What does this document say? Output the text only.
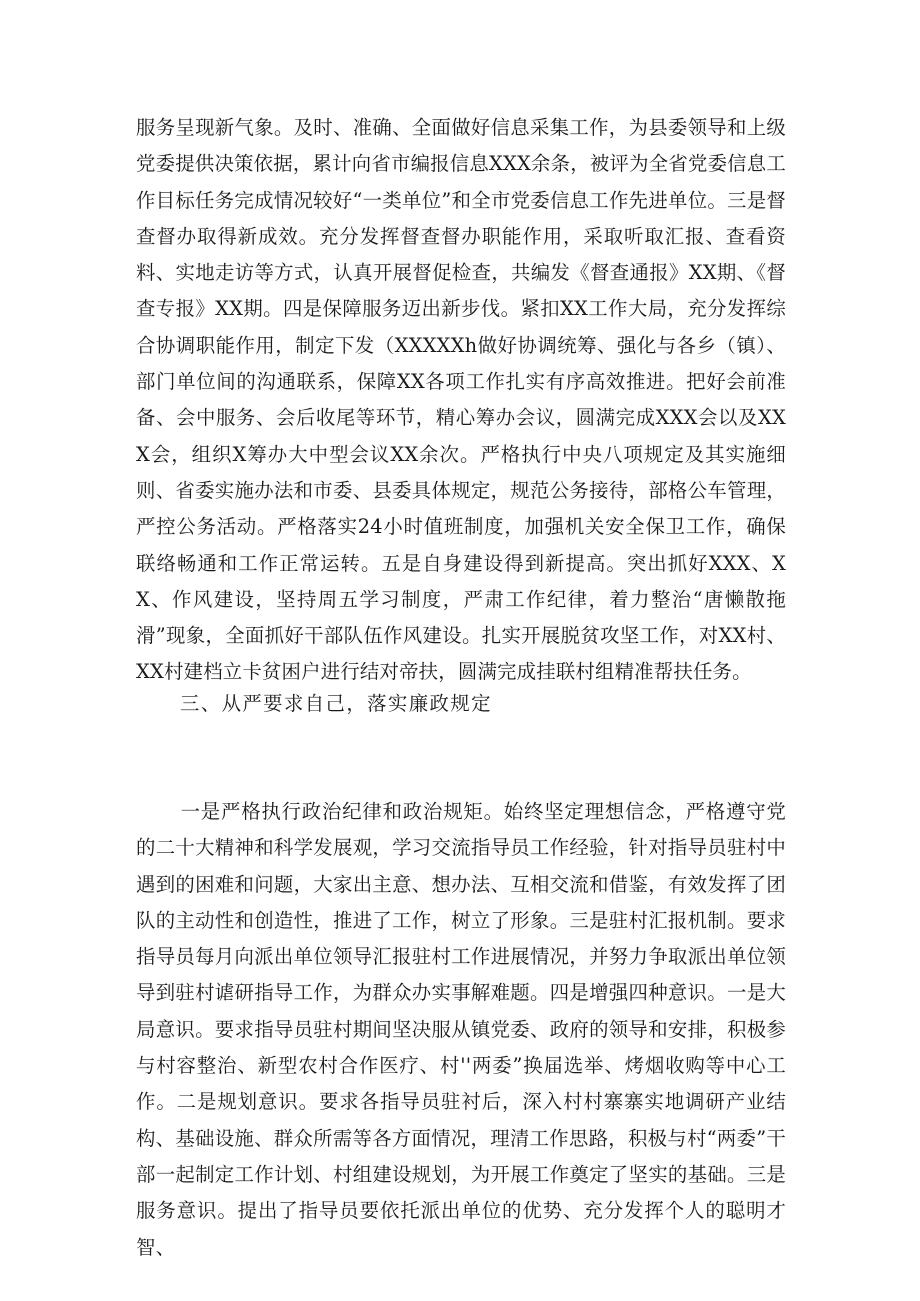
服务呈现新气象。及时、准确、全面做好信息采集工作，为县委领导和上级党委提供决策依据，累计向省市编报信息XXX余条，被评为全省党委信息工作目标任务完成情况较好“一类单位”和全市党委信息工作先进单位。三是督查督办取得新成效。充分发挥督查督办职能作用，采取听取汇报、查看资料、实地走访等方式，认真开展督促检查，共编发《督查通报》XX期、《督查专报》XX期。四是保障服务迈出新步伐。紧扣XX工作大局，充分发挥综合协调职能作用，制定下发（XXXXXh做好协调统筹、强化与各乡（镇）、部门单位间的沟通联系，保障XX各项工作扎实有序高效推进。把好会前准备、会中服务、会后收尾等环节，精心筹办会议，圆满完成XXX会以及XXX会，组织X筹办大中型会议XX余次。严格执行中央八项规定及其实施细则、省委实施办法和市委、县委具体规定，规范公务接待，部格公车管理，严控公务活动。严格落实24小时值班制度，加强机关安全保卫工作，确保联络畅通和工作正常运转。五是自身建设得到新提高。突出抓好XXX、XX、作风建设，坚持周五学习制度，严肃工作纪律，着力整治“唐懒散拖滑”现象，全面抓好干部队伍作风建设。扎实开展脱贫攻坚工作，对XX村、XX村建档立卡贫困户进行结对帝扶，圆满完成挂联村组精准帮扶任务。

三、从严要求自己，落实廉政规定

一是严格执行政治纪律和政治规矩。始终坚定理想信念，严格遵守党的二十大精神和科学发展观，学习交流指导员工作经验，针对指导员驻村中遇到的困难和问题，大家出主意、想办法、互相交流和借鉴，有效发挥了团队的主动性和创造性，推进了工作，树立了形象。三是驻村汇报机制。要求指导员每月向派出单位领导汇报驻村工作进展情况，并努力争取派出单位领导到驻村谑研指导工作，为群众办实事解难题。四是增强四种意识。一是大局意识。要求指导员驻村期间坚决服从镇党委、政府的领导和安排，积极参与村容整治、新型农村合作医疗、村''两委”换届选举、烤烟收购等中心工作。二是规划意识。要求各指导员驻衬后，深入村村寨寨实地调研产业结构、基础设施、群众所需等各方面情况，理清工作思路，积极与村“两委”干部一起制定工作计划、村组建设规划，为开展工作奠定了坚实的基础。三是服务意识。提出了指导员要依托派出单位的优势、充分发挥个人的聪明才智、
